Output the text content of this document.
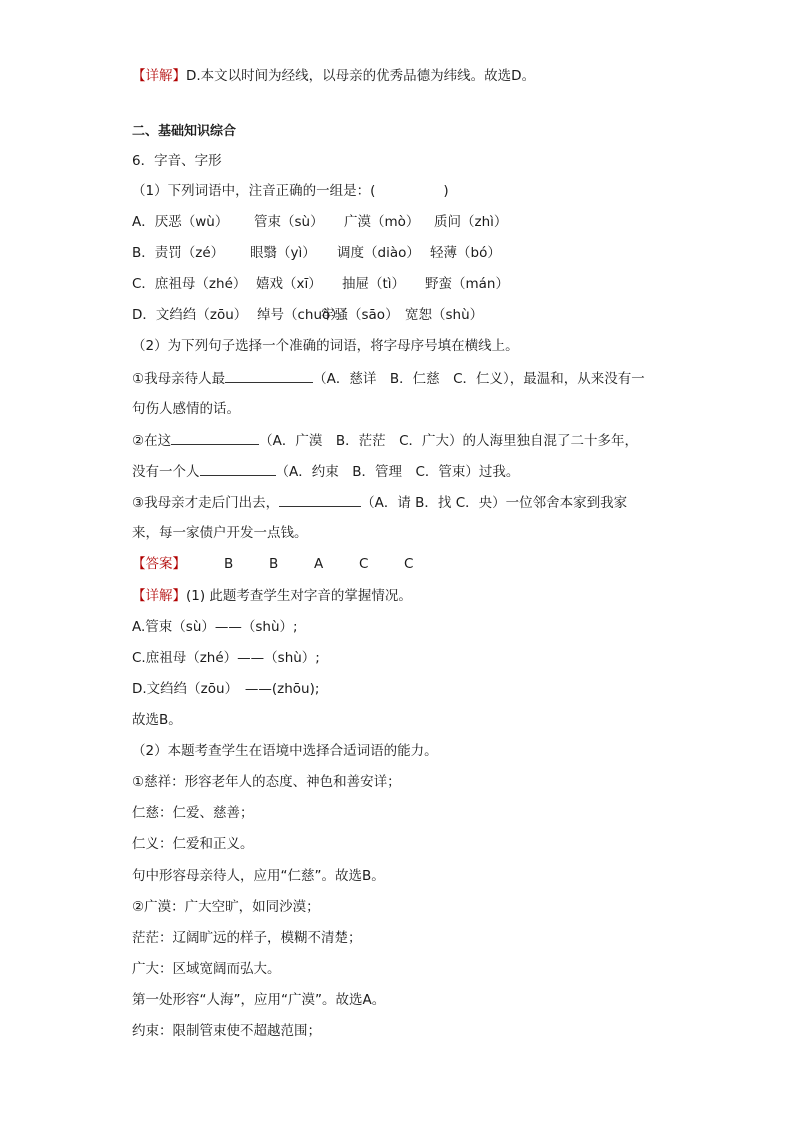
【详解】D.本文以时间为经线，以母亲的优秀品德为纬线。故选D。
二、基础知识综合
6．字音、字形
（1）下列词语中，注音正确的一组是：(	)
A．厌恶（wù） 管束（sù） 广漠（mò） 质问（zhì）
B．责罚（zé） 眼翳（yì） 调度（diào） 轻薄（bó）
C．庶祖母（zhé） 嬉戏（xī） 抽屉（tì） 野蛮（mán）
D．文绉绉（zōu） 绰号（chuò）牢骚（sāo） 宽恕（shù）
（2）为下列句子选择一个准确的词语，将字母序号填在横线上。
①我母亲待人最	（A．慈详　B．仁慈　C．仁义），最温和，从来没有一
句伤人感情的话。
②在这	（A．广漠　B．茫茫　C．广大）的人海里独自混了二十多年，
没有一个人	（A．约束　B．管理　C．管束）过我。
③我母亲才走后门出去，	（A．请 B．找 C．央）一位邻舍本家到我家
来，每一家债户开发一点钱。
【答案】	B	B	A	C	C
【详解】(1) 此题考查学生对字音的掌握情况。
A.管束（sù）——（shù）;
C.庶祖母（zhé）——（shù）;
D.文绉绉（zōu）　——(zhōu);
故选B。
（2）本题考查学生在语境中选择合适词语的能力。
①慈祥：形容老年人的态度、神色和善安详；
仁慈：仁爱、慈善；
仁义：仁爱和正义。
句中形容母亲待人，应用“仁慈”。故选B。
②广漠：广大空旷，如同沙漠；
茫茫：辽阔旷远的样子，模糊不清楚；
广大：区域宽阔而弘大。
第一处形容“人海”，应用“广漠”。故选A。
约束：限制管束使不超越范围；
